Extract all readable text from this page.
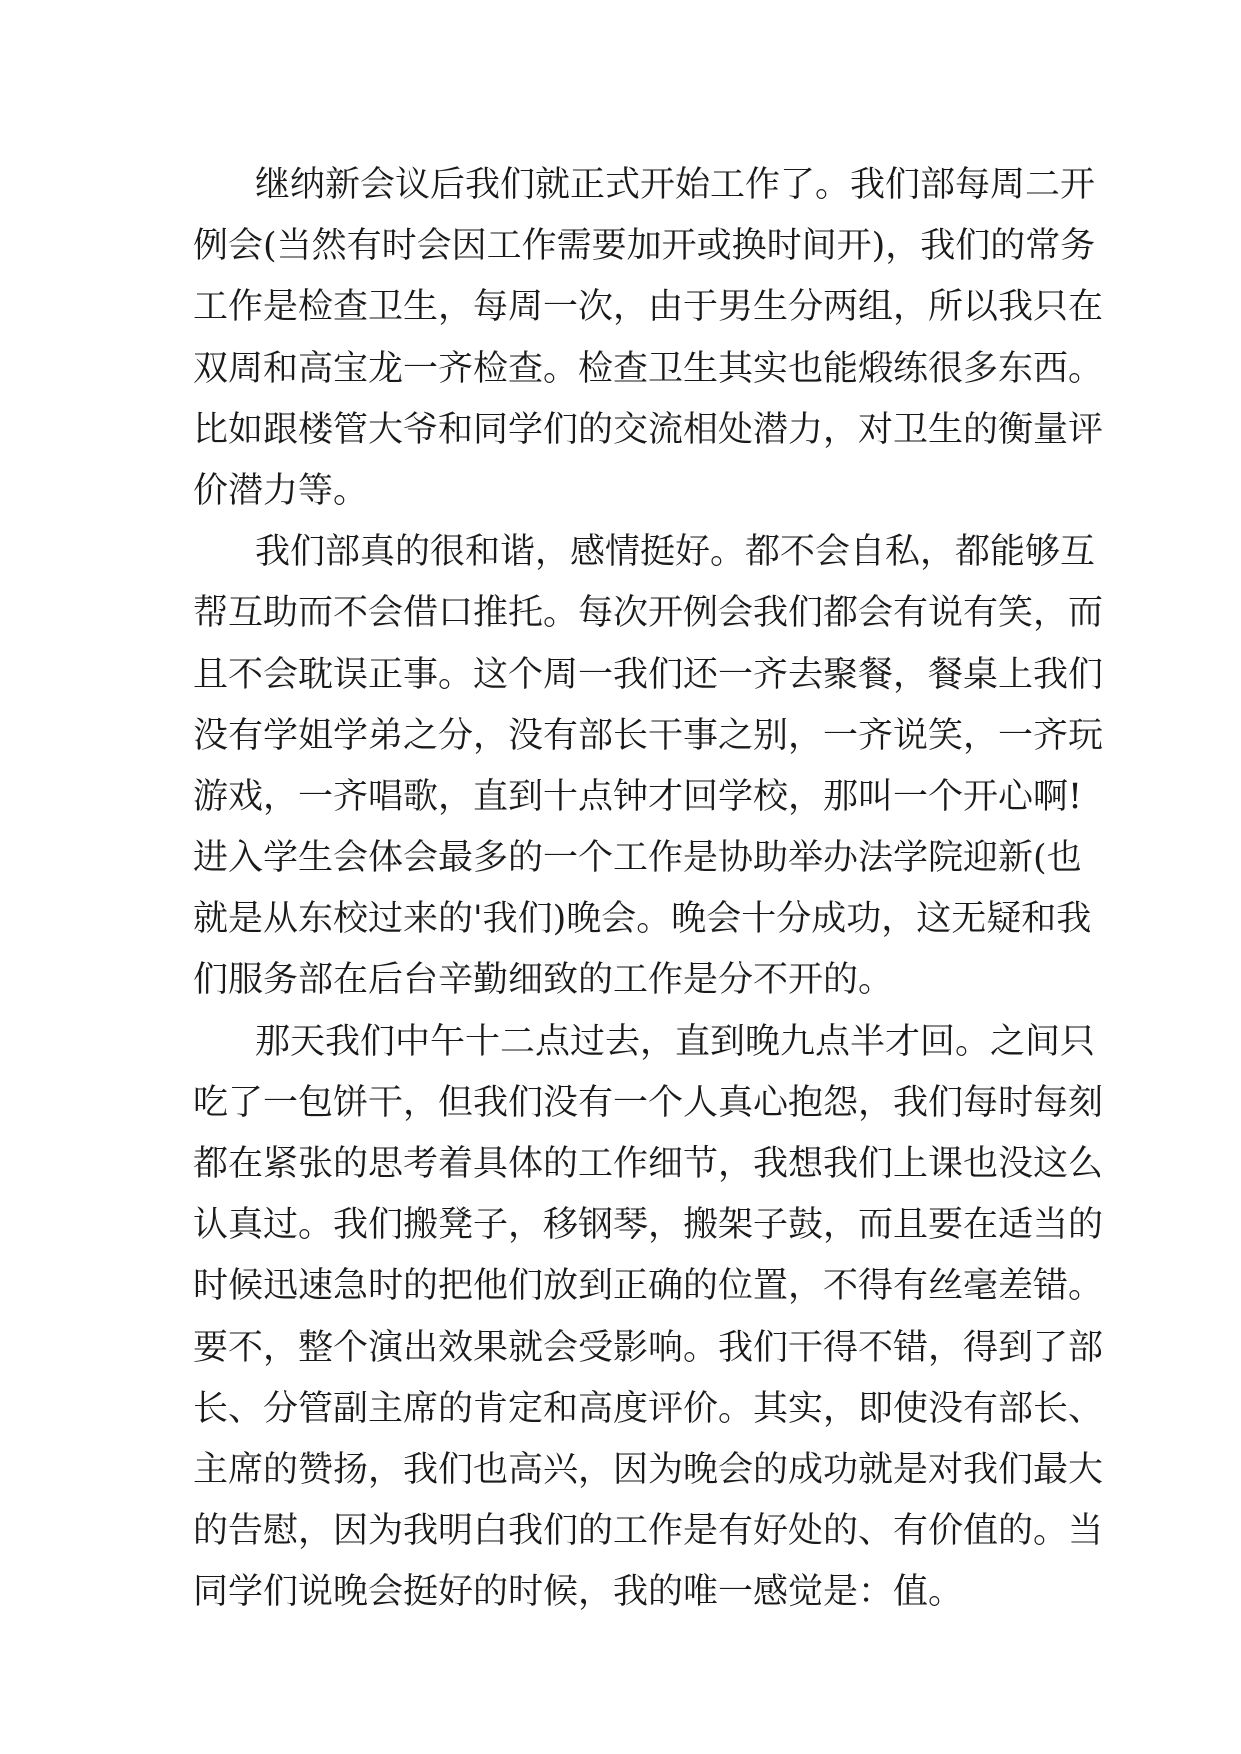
继纳新会议后我们就正式开始工作了。我们部每周二开
例会(当然有时会因工作需要加开或换时间开)，我们的常务
工作是检查卫生，每周一次，由于男生分两组，所以我只在
双周和高宝龙一齐检查。检查卫生其实也能煅练很多东西。
比如跟楼管大爷和同学们的交流相处潜力，对卫生的衡量评
价潜力等。
我们部真的很和谐，感情挺好。都不会自私，都能够互
帮互助而不会借口推托。每次开例会我们都会有说有笑，而
且不会耽误正事。这个周一我们还一齐去聚餐，餐桌上我们
没有学姐学弟之分，没有部长干事之别，一齐说笑，一齐玩
游戏，一齐唱歌，直到十点钟才回学校，那叫一个开心啊!
进入学生会体会最多的一个工作是协助举办法学院迎新(也
就是从东校过来的'我们)晚会。晚会十分成功，这无疑和我
们服务部在后台辛勤细致的工作是分不开的。
那天我们中午十二点过去，直到晚九点半才回。之间只
吃了一包饼干，但我们没有一个人真心抱怨，我们每时每刻
都在紧张的思考着具体的工作细节，我想我们上课也没这么
认真过。我们搬凳子，移钢琴，搬架子鼓，而且要在适当的
时候迅速急时的把他们放到正确的位置，不得有丝毫差错。
要不，整个演出效果就会受影响。我们干得不错，得到了部
长、分管副主席的肯定和高度评价。其实，即使没有部长、
主席的赞扬，我们也高兴，因为晚会的成功就是对我们最大
的告慰，因为我明白我们的工作是有好处的、有价值的。当
同学们说晚会挺好的时候，我的唯一感觉是：值。
